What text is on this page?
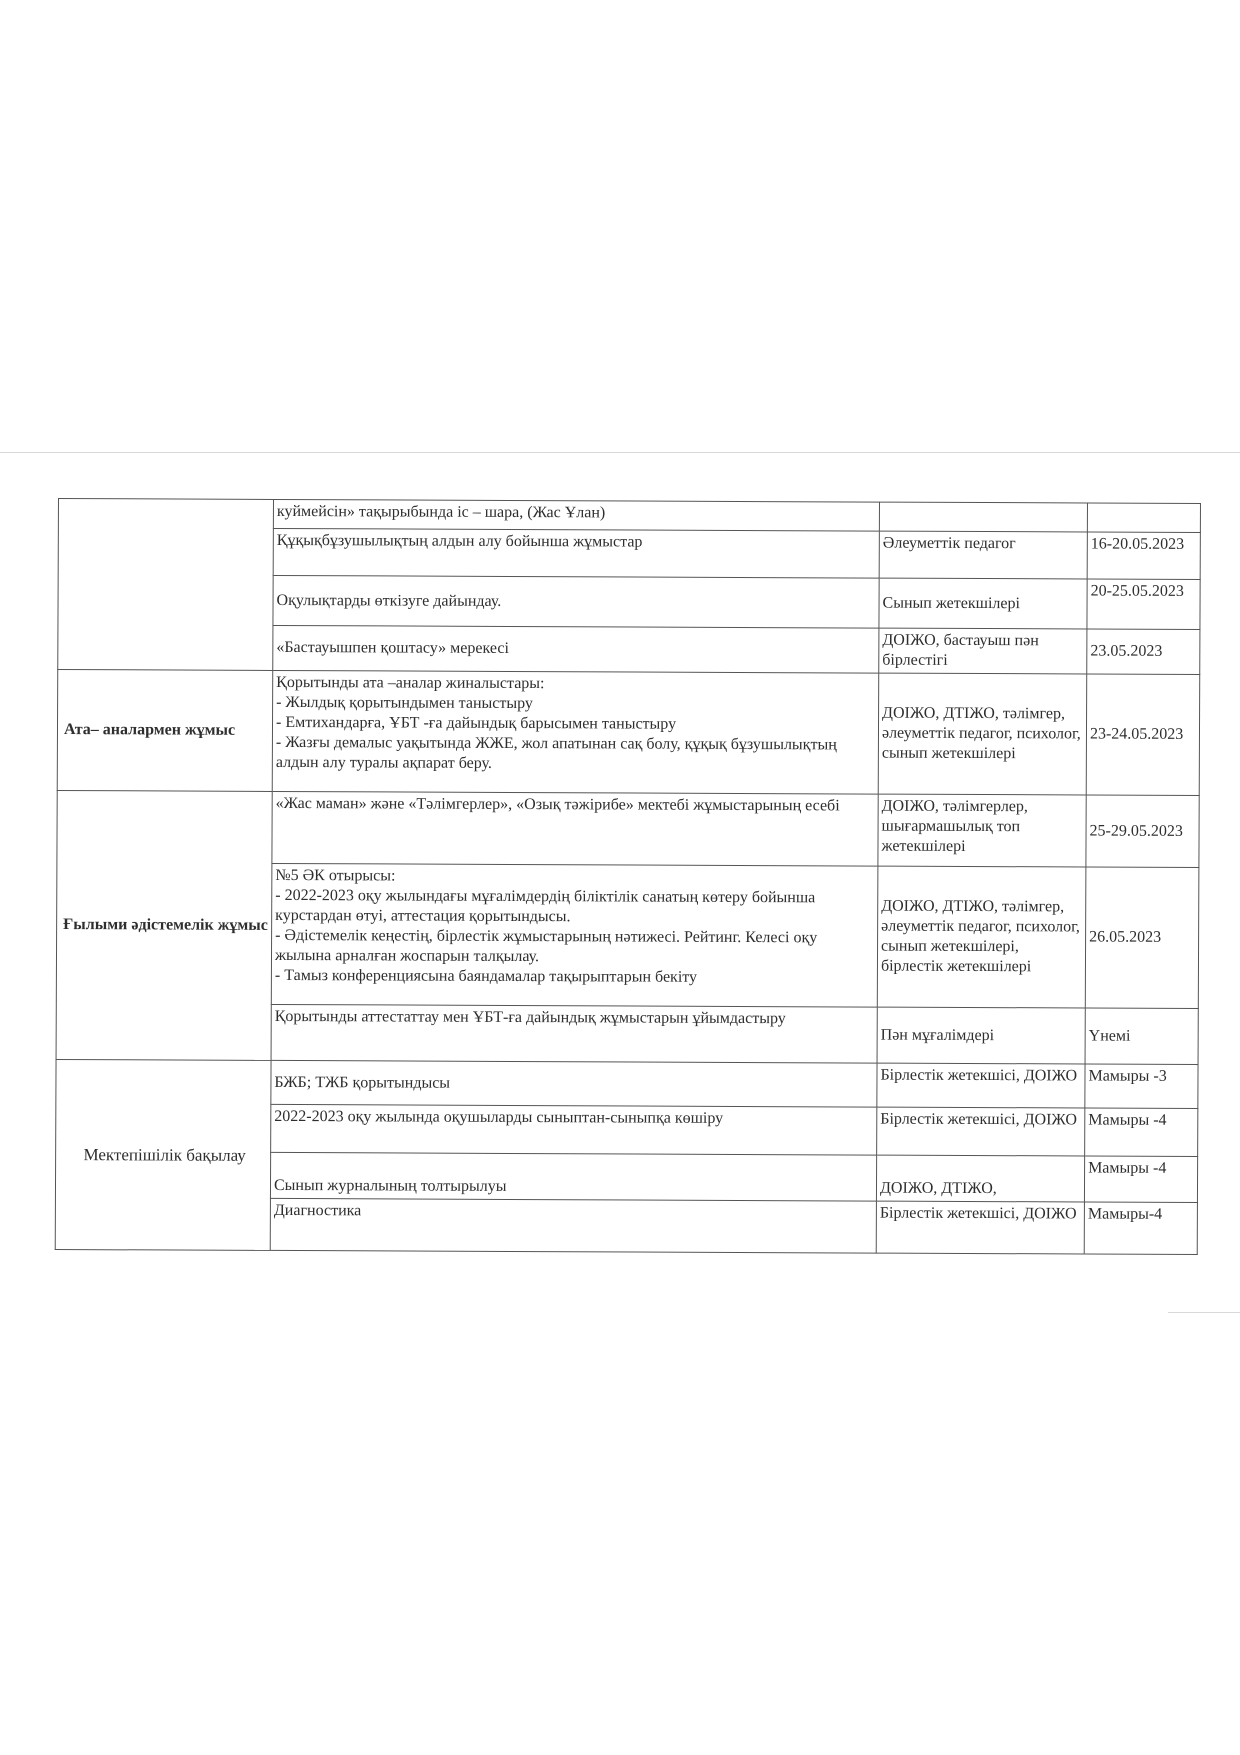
	куймейсін» тақырыбында іс – шара, (Жас Ұлан)		

	Құқықбұзушылықтың алдын алу бойынша жұмыстар	Әлеуметтік педагог	16-20.05.2023

	Оқулықтарды өткізуге дайындау.	Сынып жетекшілері	20-25.05.2023

	«Бастауышпен қоштасу» мерекесі	ДОІЖО, бастауыш пән бірлестігі	23.05.2023
Ата– аналармен жұмыс	Қорытынды ата –аналар жиналыстары:
- Жылдық қорытындымен таныстыру
- Емтихандарға, ҰБТ -ға дайындық барысымен таныстыру
- Жазғы демалыс уақытында ЖЖЕ, жол апатынан сақ болу, құқық бұзушылықтың алдын алу туралы ақпарат беру.	ДОІЖО, ДТІЖО, тәлімгер, әлеуметтік педагог, психолог, сынып жетекшілері	23-24.05.2023
Ғылыми әдістемелік жұмыс	«Жас маман» және «Тәлімгерлер», «Озық тәжірибе» мектебі жұмыстарының есебі	ДОІЖО, тәлімгерлер, шығармашылық топ жетекшілері	25-29.05.2023

	№5 ӘК отырысы:
- 2022-2023 оқу жылындағы мұғалімдердің біліктілік санатың көтеру бойынша курстардан өтуі, аттестация қорытындысы.
- Әдістемелік кеңестің, бірлестік жұмыстарының нәтижесі. Рейтинг. Келесі оқу жылына арналған жоспарын талқылау.
- Тамыз конференциясына баяндамалар тақырыптарын бекіту	ДОІЖО, ДТІЖО, тәлімгер, әлеуметтік педагог, психолог, сынып жетекшілері, бірлестік жетекшілері	26.05.2023

	Қорытынды аттестаттау мен ҰБТ-ға дайындық жұмыстарын ұйымдастыру	Пән мұғалімдері	Үнемі
Мектепішілік бақылау	БЖБ; ТЖБ қорытындысы	Бірлестік жетекшісі, ДОІЖО	Мамыры -3

	2022-2023 оқу жылында оқушыларды сыныптан-сыныпқа көшіру	Бірлестік жетекшісі, ДОІЖО	Мамыры -4

	Сынып журналының толтырылуы	ДОІЖО, ДТІЖО,	Мамыры -4

	Диагностика	Бірлестік жетекшісі, ДОІЖО	Мамыры-4
